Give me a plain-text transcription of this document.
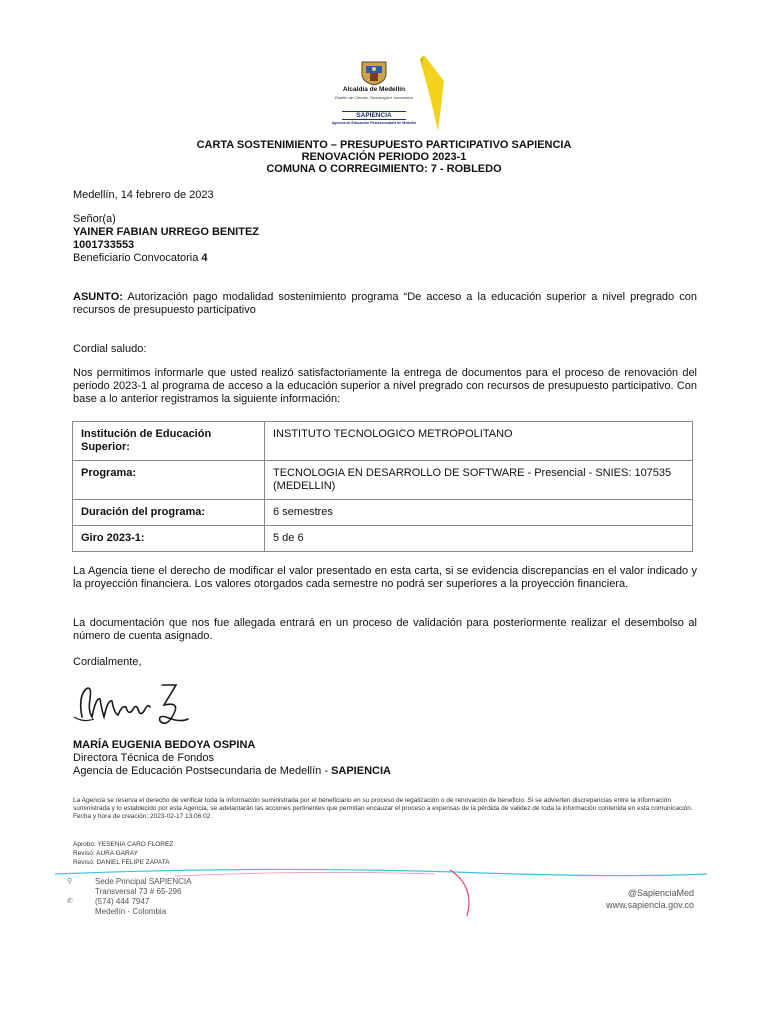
Alcaldía de Medellín
Distrito de Ciencia, Tecnología e Innovación
SAPIENCIA
Agencia de Educación Postsecundaria de Medellín
CARTA SOSTENIMIENTO – PRESUPUESTO PARTICIPATIVO SAPIENCIA
RENOVACIÓN PERIODO 2023-1
COMUNA O CORREGIMIENTO: 7 - ROBLEDO
Medellín, 14 febrero de 2023
Señor(a)
YAINER FABIAN URREGO BENITEZ
1001733553
Beneficiario Convocatoria 4
ASUNTO: Autorización pago modalidad sostenimiento programa “De acceso a la educación superior a nivel pregrado con recursos de presupuesto participativo
Cordial saludo:
Nos permitimos informarle que usted realizó satisfactoriamente la entrega de documentos para el proceso de renovación del periodo 2023-1 al programa de acceso a la educación superior a nivel pregrado con recursos de presupuesto participativo. Con base a lo anterior registramos la siguiente información:
Institución de Educación Superior:	INSTITUTO TECNOLOGICO METROPOLITANO
Programa:	TECNOLOGIA EN DESARROLLO DE SOFTWARE - Presencial - SNIES: 107535 (MEDELLIN)
Duración del programa:	6 semestres
Giro 2023-1:	5 de 6
La Agencia tiene el derecho de modificar el valor presentado en esta carta, si se evidencia discrepancias en el valor indicado y la proyección financiera. Los valores otorgados cada semestre no podrá ser superiores a la proyección financiera.
La documentación que nos fue allegada entrará en un proceso de validación para posteriormente realizar el desembolso al número de cuenta asignado.
Cordialmente,
MARÍA EUGENIA BEDOYA OSPINA
Directora Técnica de Fondos
Agencia de Educación Postsecundaria de Medellín - SAPIENCIA
La Agencia se reserva el derecho de verificar toda la información suministrada por el beneficiario en su proceso de legalización o de renovación de beneficio. Si se advierten discrepancias entre la información suministrada y lo establecido por esta Agencia, se adelantarán las acciones pertinentes que permitan encauzar el proceso a expensas de la pérdida de validez de toda la información contenida en esta comunicación. Fecha y hora de creación:.2023-02-17 13:06:02.
Aprobó: YESENIA CARO FLOREZ
Revisó: AURA GARAY
Revisó: DANIEL FELIPE ZAPATA
⚲	Sede Principal SAPIENCIA
Transversal 73 # 65-296
✆	(574) 444 7947
Medellín - Colombia
@SapienciaMed
www.sapiencia.gov.co
